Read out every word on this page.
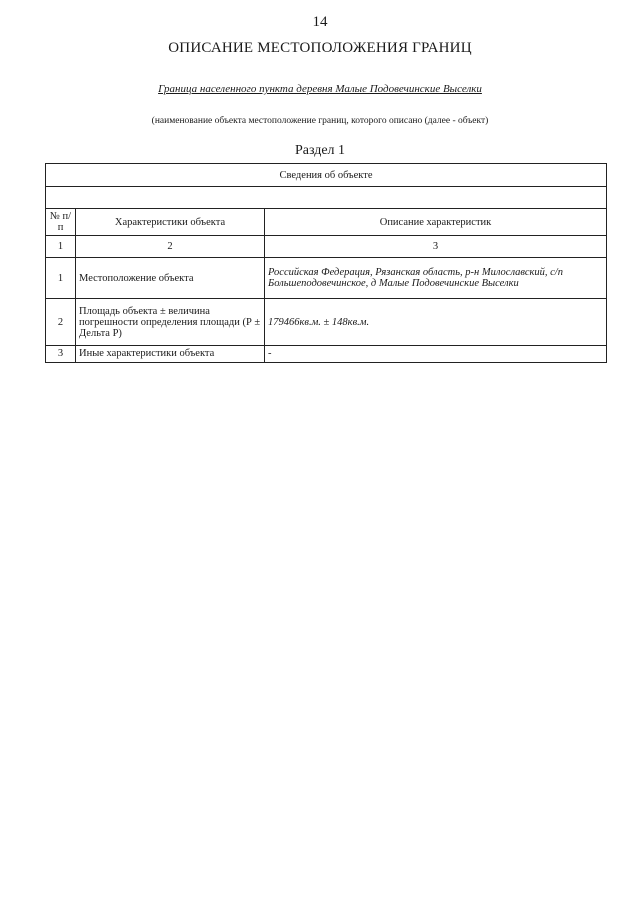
14
ОПИСАНИЕ МЕСТОПОЛОЖЕНИЯ ГРАНИЦ
Граница населенного пункта деревня Малые Подовечинские Выселки
(наименование объекта местоположение границ, которого описано (далее - объект)
Раздел 1
Сведения об объекте		

№ п/п	Характеристики объекта	Описание характеристик
1	2	3
1	Местоположение объекта	Российская Федерация, Рязанская область, р-н Милославский, с/п Большеподовечинское, д Малые Подовечинские Выселки
2	Площадь объекта ± величина погрешности определения площади (Р ± Дельта Р)	179466кв.м. ± 148кв.м.
3	Иные характеристики объекта	-
